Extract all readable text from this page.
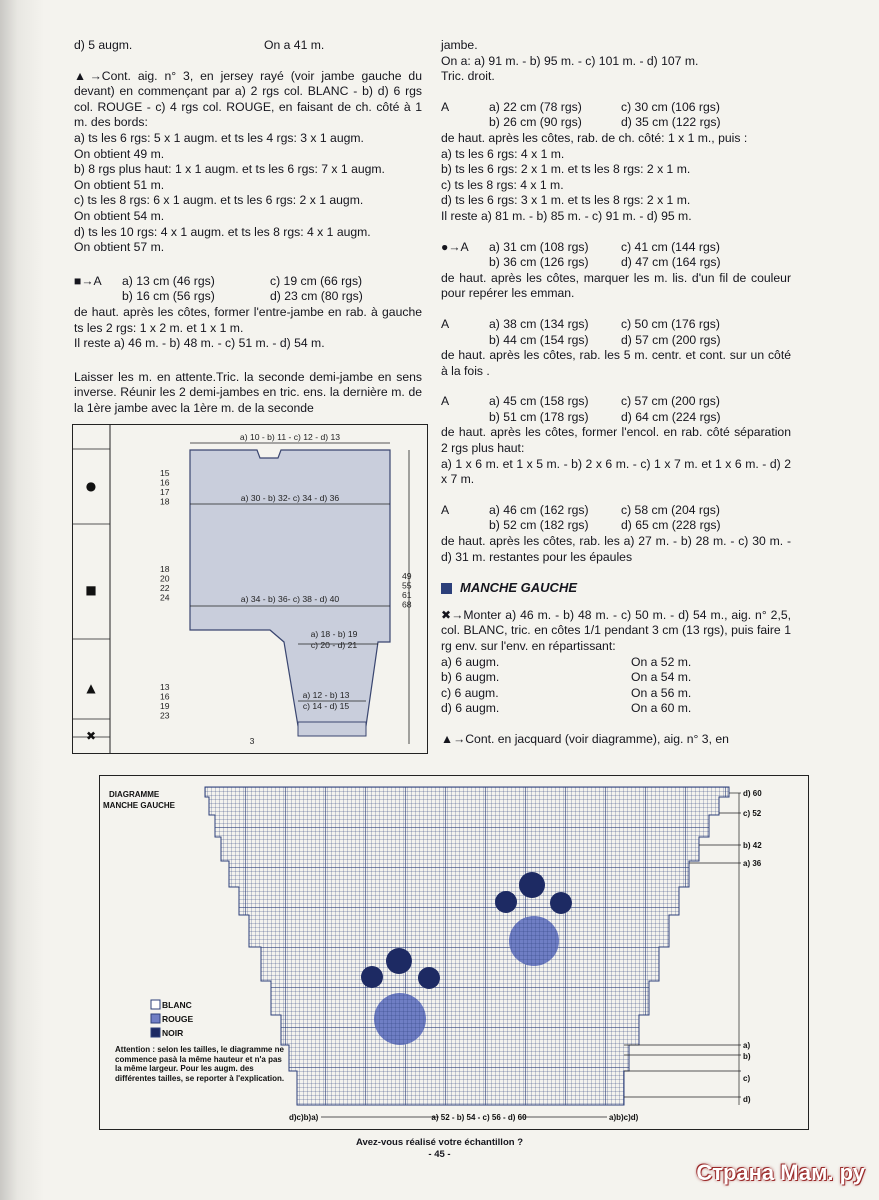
d) 5 augm.	On a 41 m.

▲→Cont. aig. n° 3, en jersey rayé (voir jambe gauche du devant) en commençant par a) 2 rgs col. BLANC - b) d) 6 rgs col. ROUGE - c) 4 rgs col. ROUGE, en faisant de ch. côté à 1 m. des bords:

a) ts les 6 rgs: 5 x 1 augm. et ts les 4 rgs: 3 x 1 augm.

On obtient 49 m.

b) 8 rgs plus haut: 1 x 1 augm. et ts les 6 rgs: 7 x 1 augm.

On obtient 51 m.

c) ts les 8 rgs: 6 x 1 augm. et ts les 6 rgs: 2 x 1 augm.

On obtient 54 m.

d) ts les 10 rgs: 4 x 1 augm. et ts les 8 rgs: 4 x 1 augm.

On obtient 57 m.

■→A	a) 13 cm (46 rgs)	c) 19 cm (66 rgs)
b) 16 cm (56 rgs)	d) 23 cm (80 rgs)

de haut. après les côtes, former l'entre-jambe en rab. à gauche ts les 2 rgs: 1 x 2 m. et 1 x 1 m.

Il reste a) 46 m. - b) 48 m. - c) 51 m. - d) 54 m.

Laisser les m. en attente.Tric. la seconde demi-jambe en sens inverse. Réunir les 2 demi-jambes en tric. ens. la dernière m. de la 1ère jambe avec la 1ère m. de la seconde

jambe.

On a: a) 91 m. - b) 95 m. - c) 101 m. - d) 107 m.

Tric. droit.

A	a) 22 cm (78 rgs)	c) 30 cm (106 rgs)
b) 26 cm (90 rgs)	d) 35 cm (122 rgs)

de haut. après les côtes, rab. de ch. côté: 1 x 1 m., puis :

a) ts les 6 rgs: 4 x 1 m.

b) ts les 6 rgs: 2 x 1 m. et ts les 8 rgs: 2 x 1 m.

c) ts les 8 rgs: 4 x 1 m.

d) ts les 6 rgs: 3 x 1 m. et ts les 8 rgs: 2 x 1 m.

Il reste a) 81 m. - b) 85 m. - c) 91 m. - d) 95 m.

●→A	a) 31 cm (108 rgs)	c) 41 cm (144 rgs)
b) 36 cm (126 rgs)	d) 47 cm (164 rgs)

de haut. après les côtes, marquer les m. lis. d'un fil de couleur pour repérer les emman.

A	a) 38 cm (134 rgs)	c) 50 cm (176 rgs)
b) 44 cm (154 rgs)	d) 57 cm (200 rgs)

de haut. après les côtes, rab. les 5 m. centr. et cont. sur un côté à la fois .

A	a) 45 cm (158 rgs)	c) 57 cm (200 rgs)
b) 51 cm (178 rgs)	d) 64 cm (224 rgs)

de haut. après les côtes, former l'encol. en rab. côté séparation 2 rgs plus haut:

a) 1 x 6 m. et 1 x 5 m. - b) 2 x 6 m. - c) 1 x 7 m. et 1 x 6 m. - d) 2 x 7 m.

A	a) 46 cm (162 rgs)	c) 58 cm (204 rgs)
b) 52 cm (182 rgs)	d) 65 cm (228 rgs)

de haut. après les côtes, rab. les a) 27 m. - b) 28 m. - c) 30 m. - d) 31 m. restantes pour les épaules

MANCHE GAUCHE

✖→Monter a) 46 m. - b) 48 m. - c) 50 m. - d) 54 m., aig. n° 2,5, col. BLANC, tric. en côtes 1/1 pendant 3 cm (13 rgs), puis faire 1 rg env. sur l'env. en répartissant:

a) 6 augm.	On a 52 m.
b) 6 augm.	On a 54 m.
c) 6 augm.	On a 56 m.
d) 6 augm.	On a 60 m.

▲→Cont. en jacquard (voir diagramme), aig. n° 3, en

a) 10 - b) 11 - c) 12 - d) 13
a) 30 - b) 32- c) 34 - d) 36
a) 34 - b) 36- c) 38 - d) 40
a) 18 - b) 19
c) 20 - d) 21
a) 12 - b) 13
c) 14 - d) 15
3
15
16
17
18
18
20
22
24
13
16
19
23
49
55
61
68
●
■
▲
✖
DIAGRAMME
MANCHE GAUCHE
BLANC
ROUGE
NOIR
Attention : selon les tailles, le diagramme ne commence pasà la même hauteur et n'a pas la même largeur. Pour les augm. des différentes tailles, se reporter à l'explication.
d) 60
c) 52
b) 42
a) 36
a)
b)
c)
d)
d)c)b)a)	a) 52 - b) 54 - c) 56 - d) 60	a)b)c)d)
Avez-vous réalisé votre échantillon ?
- 45 -
Страна Мам. ру
